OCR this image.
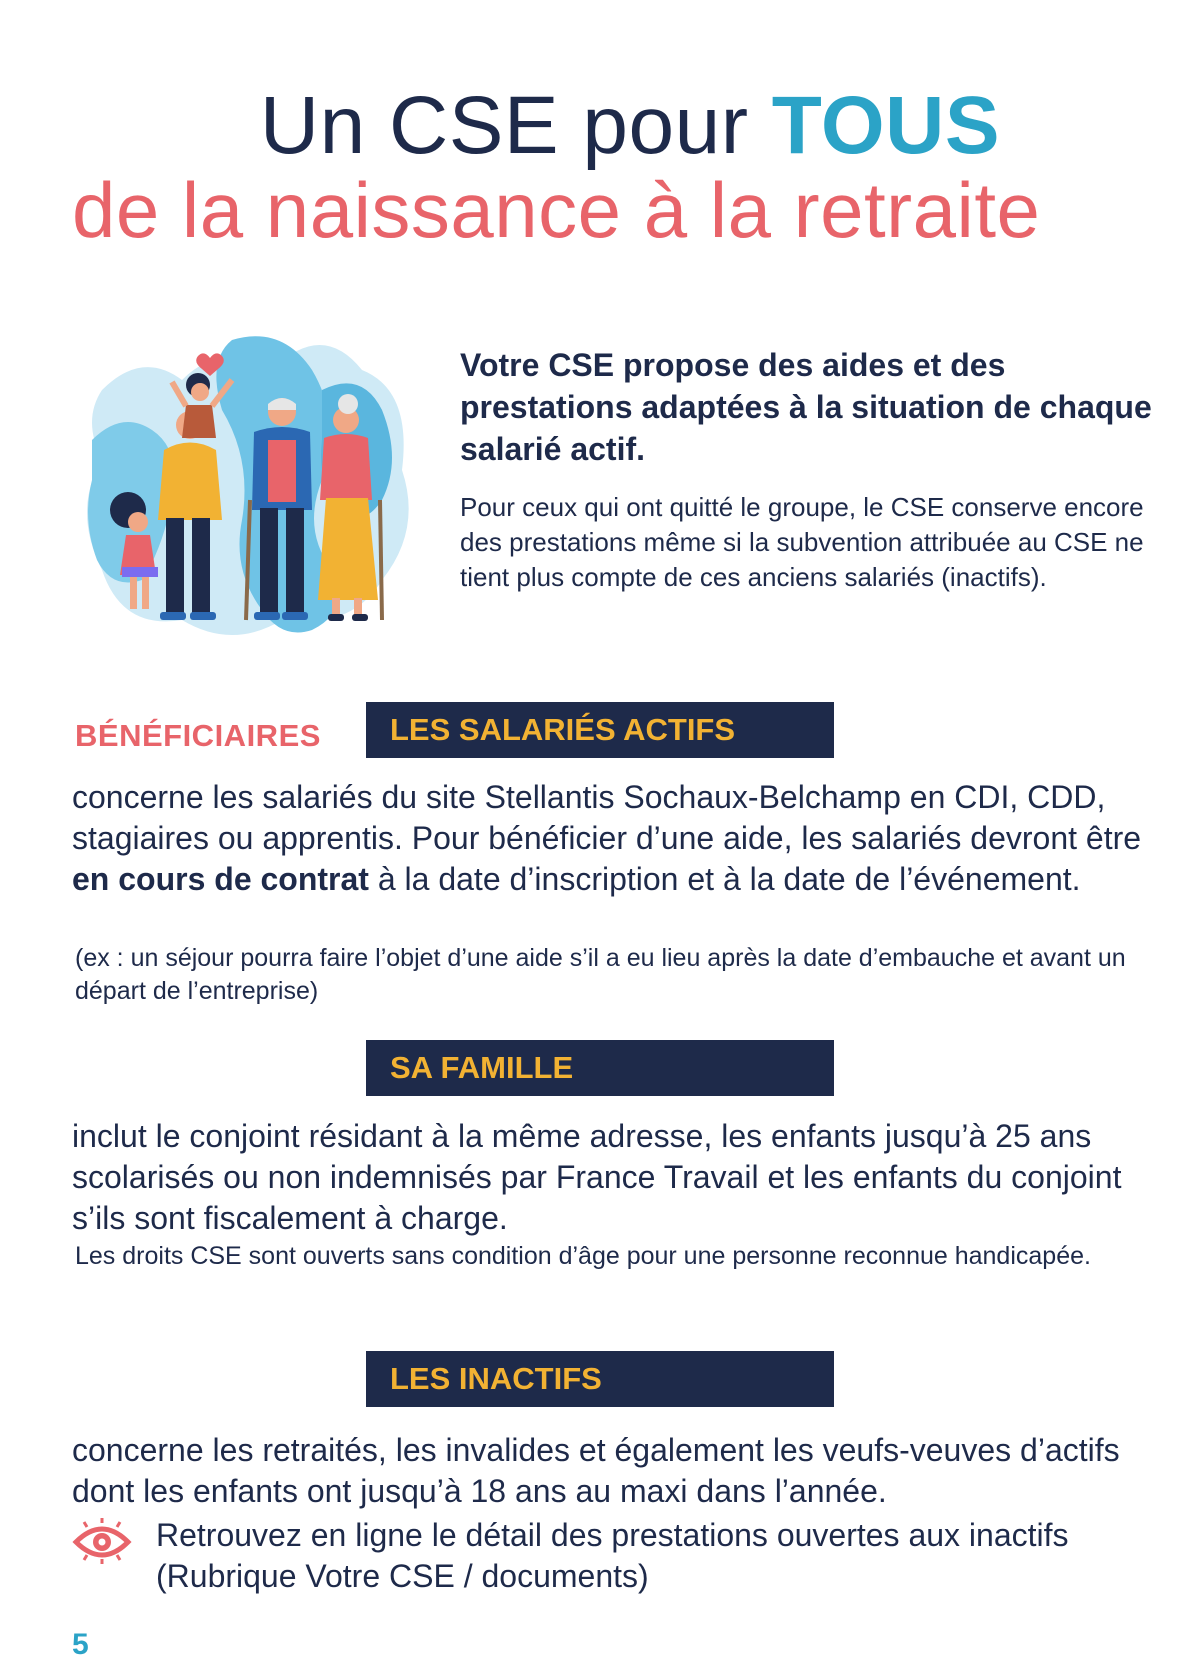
Un CSE pour TOUS
de la naissance à la retraite
Votre CSE propose des aides et des prestations adaptées à la situation de chaque salarié actif.
Pour ceux qui ont quitté le groupe, le CSE conserve encore des prestations même si la subvention attribuée au CSE ne tient plus compte de ces anciens salariés (inactifs).
BÉNÉFICIAIRES	LES SALARIÉS ACTIFS
concerne les salariés du site Stellantis Sochaux-Belchamp en CDI, CDD, stagiaires ou apprentis. Pour bénéficier d’une aide, les salariés devront être en cours de contrat à la date d’inscription et à la date de l’événement.
(ex : un séjour pourra faire l’objet d’une aide s’il a eu lieu après la date d’embauche et avant un départ de l’entreprise)
SA FAMILLE
inclut le conjoint résidant à la même adresse, les enfants jusqu’à 25 ans scolarisés ou non indemnisés par France Travail et les enfants du conjoint s’ils sont fiscalement à charge.
Les droits CSE sont ouverts sans condition d’âge pour une personne reconnue handicapée.
LES INACTIFS
concerne les retraités, les invalides et également les veufs-veuves d’actifs dont les enfants ont jusqu’à 18 ans au maxi dans l’année.
Retrouvez en ligne le détail des prestations ouvertes aux inactifs (Rubrique Votre CSE / documents)
5
